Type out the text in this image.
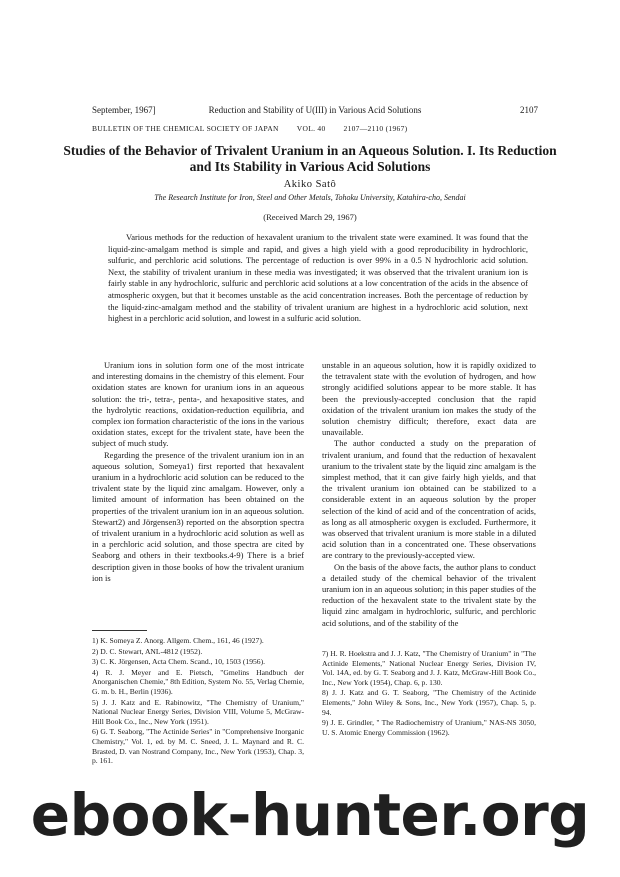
September, 1967]	Reduction and Stability of U(III) in Various Acid Solutions	2107
BULLETIN OF THE CHEMICAL SOCIETY OF JAPAN VOL. 40 2107—2110 (1967)
Studies of the Behavior of Trivalent Uranium in an Aqueous Solution. I. Its Reduction and Its Stability in Various Acid Solutions
Akiko Satô
The Research Institute for Iron, Steel and Other Metals, Tohoku University, Katahira-cho, Sendai
(Received March 29, 1967)

Various methods for the reduction of hexavalent uranium to the trivalent state were examined. It was found that the liquid-zinc-amalgam method is simple and rapid, and gives a high yield with a good reproducibility in hydrochloric, sulfuric, and perchloric acid solutions. The percentage of reduction is over 99% in a 0.5 N hydrochloric acid solution. Next, the stability of trivalent uranium in these media was investigated; it was observed that the trivalent uranium ion is fairly stable in any hydrochloric, sulfuric and perchloric acid solutions at a low concentration of the acids in the absence of atmospheric oxygen, but that it becomes unstable as the acid concentration increases. Both the percentage of reduction by the liquid-zinc-amalgam method and the stability of trivalent uranium are highest in a hydrochloric acid solution, next highest in a perchloric acid solution, and lowest in a sulfuric acid solution.

Uranium ions in solution form one of the most intricate and interesting domains in the chemistry of this element. Four oxidation states are known for uranium ions in an aqueous solution: the tri-, tetra-, penta-, and hexapositive states, and the hydrolytic reactions, oxidation-reduction equilibria, and complex ion formation characteristic of the ions in the various oxidation states, except for the trivalent state, have been the subject of much study.

Regarding the presence of the trivalent uranium ion in an aqueous solution, Someya1) first reported that hexavalent uranium in a hydrochloric acid solution can be reduced to the trivalent state by the liquid zinc amalgam. However, only a limited amount of information has been obtained on the properties of the trivalent uranium ion in an aqueous solution. Stewart2) and Jörgensen3) reported on the absorption spectra of trivalent uranium in a hydrochloric acid solution as well as in a perchloric acid solution, and those spectra are cited by Seaborg and others in their textbooks.4-9) There is a brief description given in those books of how the trivalent uranium ion is

unstable in an aqueous solution, how it is rapidly oxidized to the tetravalent state with the evolution of hydrogen, and how strongly acidified solutions appear to be more stable. It has been the previously-accepted conclusion that the rapid oxidation of the trivalent uranium ion makes the study of the solution chemistry difficult; therefore, exact data are unavailable.

The author conducted a study on the preparation of trivalent uranium, and found that the reduction of hexavalent uranium to the trivalent state by the liquid zinc amalgam is the simplest method, that it can give fairly high yields, and that the trivalent uranium ion obtained can be stabilized to a considerable extent in an aqueous solution by the proper selection of the kind of acid and of the concentration of acids, as long as all atmospheric oxygen is excluded. Furthermore, it was observed that trivalent uranium is more stable in a diluted acid solution than in a concentrated one. These observations are contrary to the previously-accepted view.

On the basis of the above facts, the author plans to conduct a detailed study of the chemical behavior of the trivalent uranium ion in an aqueous solution; in this paper studies of the reduction of the hexavalent state to the trivalent state by the liquid zinc amalgam in hydrochloric, sulfuric, and perchloric acid solutions, and of the stability of the

1) K. Someya Z. Anorg. Allgem. Chem., 161, 46 (1927).

2) D. C. Stewart, ANL-4812 (1952).

3) C. K. Jörgensen, Acta Chem. Scand., 10, 1503 (1956).

4) R. J. Meyer and E. Pietsch, "Gmelins Handbuch der Anorganischen Chemie," 8th Edition, System No. 55, Verlag Chemie, G. m. b. H., Berlin (1936).

5) J. J. Katz and E. Rabinowitz, "The Chemistry of Uranium," National Nuclear Energy Series, Division VIII, Volume 5, McGraw-Hill Book Co., Inc., New York (1951).

6) G. T. Seaborg, "The Actinide Series" in "Comprehensive Inorganic Chemistry," Vol. 1, ed. by M. C. Sneed, J. L. Maynard and R. C. Brasted, D. van Nostrand Company, Inc., New York (1953), Chap. 3, p. 161.

7) H. R. Hoekstra and J. J. Katz, "The Chemistry of Uranium" in "The Actinide Elements," National Nuclear Energy Series, Division IV, Vol. 14A, ed. by G. T. Seaborg and J. J. Katz, McGraw-Hill Book Co., Inc., New York (1954), Chap. 6, p. 130.

8) J. J. Katz and G. T. Seaborg, "The Chemistry of the Actinide Elements," John Wiley & Sons, Inc., New York (1957), Chap. 5, p. 94.

9) J. E. Grindler, " The Radiochemistry of Uranium," NAS-NS 3050, U. S. Atomic Energy Commission (1962).

ebook-hunter.org
